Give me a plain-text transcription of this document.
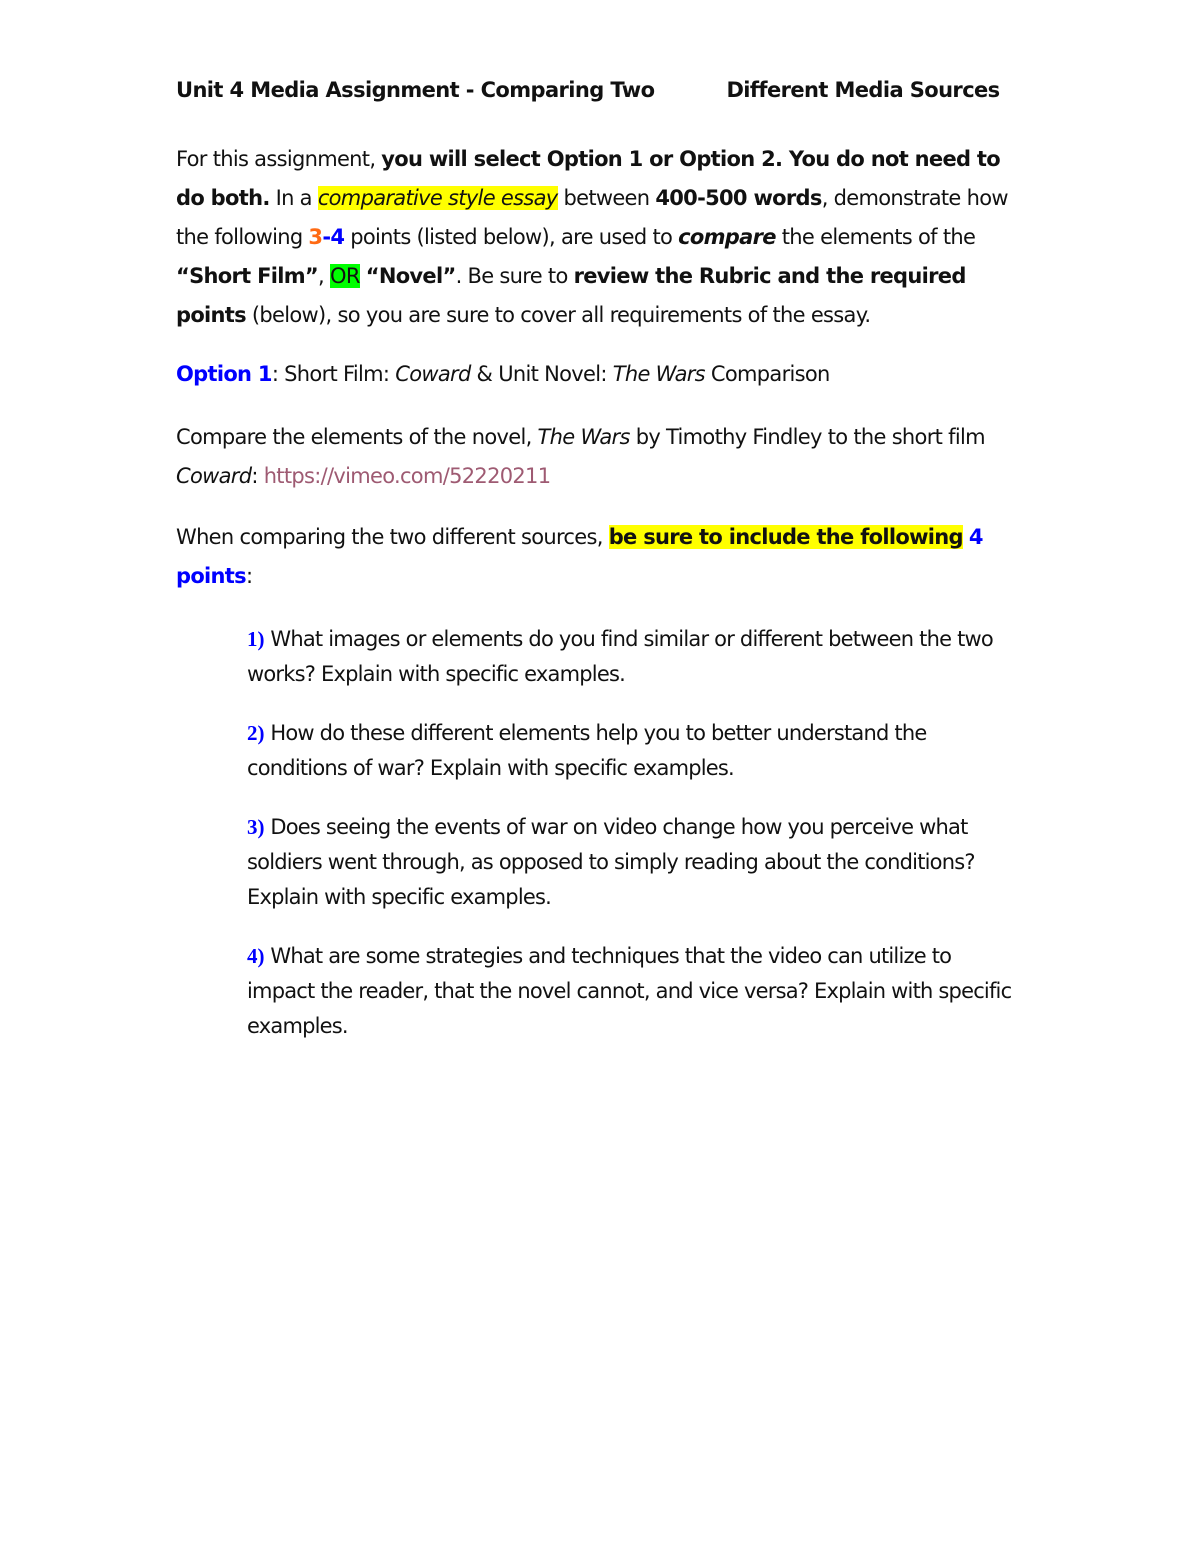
Unit 4 Media Assignment - Comparing Two	Different Media Sources

For this assignment, you will select Option 1 or Option 2. You do not need to do both. In a comparative style essay between 400-500 words, demonstrate how the following 3-4 points (listed below), are used to compare the elements of the “Short Film”, OR “Novel”. Be sure to review the Rubric and the required points (below), so you are sure to cover all requirements of the essay.

Option 1: Short Film: Coward & Unit Novel: The Wars Comparison

Compare the elements of the novel, The Wars by Timothy Findley to the short film Coward: https://vimeo.com/52220211

When comparing the two different sources, be sure to include the following 4 points:

1) What images or elements do you find similar or different between the two works? Explain with specific examples.
2) How do these different elements help you to better understand the conditions of war? Explain with specific examples.
3) Does seeing the events of war on video change how you perceive what soldiers went through, as opposed to simply reading about the conditions? Explain with specific examples.
4) What are some strategies and techniques that the video can utilize to impact the reader, that the novel cannot, and vice versa? Explain with specific examples.
